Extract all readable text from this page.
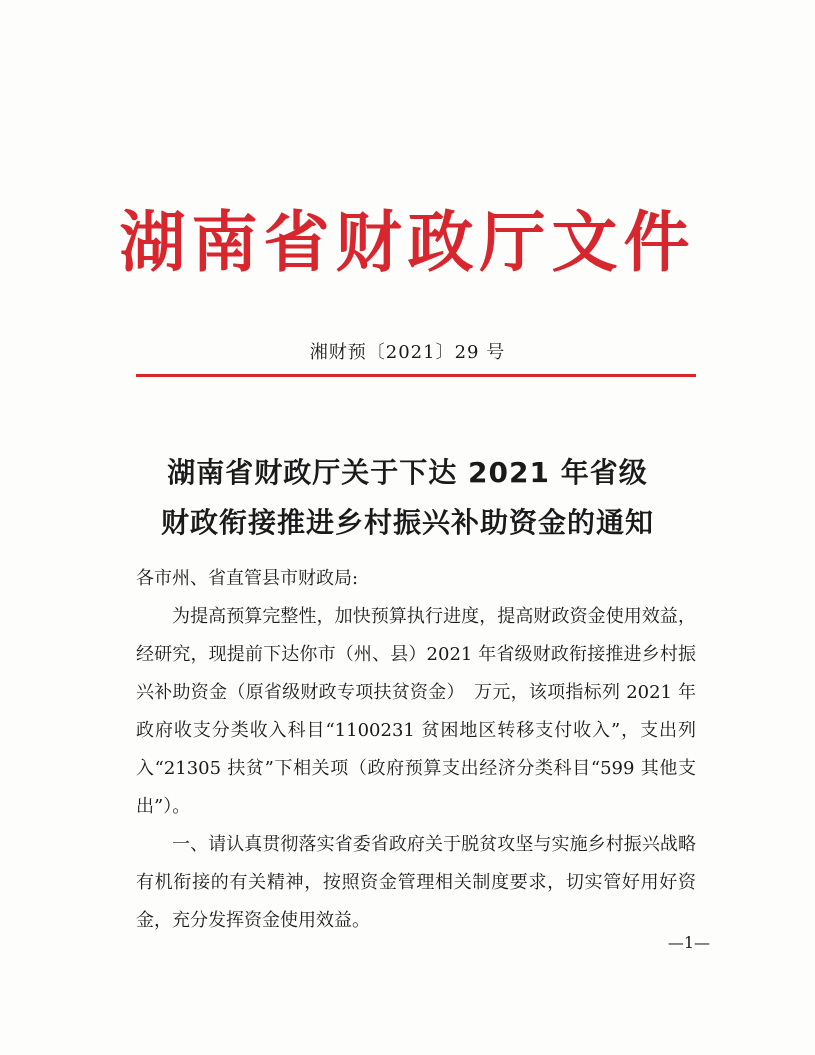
湖南省财政厅文件
湘财预〔2021〕29 号
湖南省财政厅关于下达 2021 年省级
财政衔接推进乡村振兴补助资金的通知

各市州、省直管县市财政局:

为提高预算完整性，加快预算执行进度，提高财政资金使用效益，经研究，现提前下达你市（州、县）2021 年省级财政衔接推进乡村振兴补助资金（原省级财政专项扶贫资金）　万元，该项指标列 2021 年政府收支分类收入科目“1100231 贫困地区转移支付收入”，支出列入“21305 扶贫”下相关项（政府预算支出经济分类科目“599 其他支出”）。

一、请认真贯彻落实省委省政府关于脱贫攻坚与实施乡村振兴战略有机衔接的有关精神，按照资金管理相关制度要求，切实管好用好资金，充分发挥资金使用效益。

—1—
